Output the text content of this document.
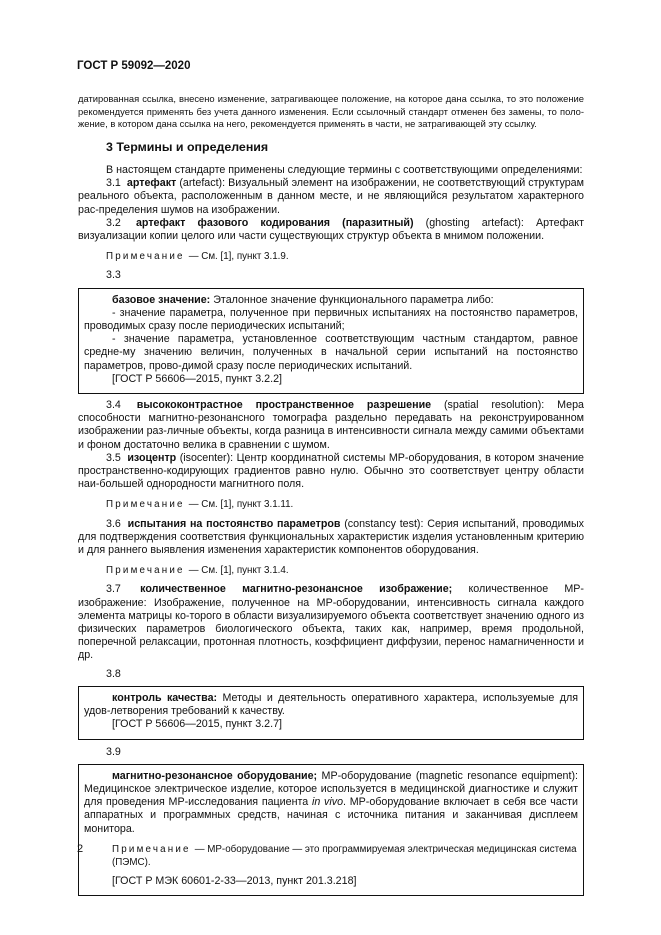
ГОСТ Р 59092—2020

датированная ссылка, внесено изменение, затрагивающее положение, на которое дана ссылка, то это положение рекомендуется применять без учета данного изменения. Если ссылочный стандарт отменен без замены, то поло-жение, в котором дана ссылка на него, рекомендуется применять в части, не затрагивающей эту ссылку.

3 Термины и определения

В настоящем стандарте применены следующие термины с соответствующими определениями:

3.1 артефакт (artefact): Визуальный элемент на изображении, не соответствующий структурам реального объекта, расположенным в данном месте, и не являющийся результатом характерного рас-пределения шумов на изображении.

3.2 артефакт фазового кодирования (паразитный) (ghosting artefact): Артефакт визуализации копии целого или части существующих структур объекта в мнимом положении.

Примечание — См. [1], пункт 3.1.9.
3.3

базовое значение: Эталонное значение функционального параметра либо:

- значение параметра, полученное при первичных испытаниях на постоянство параметров, проводимых сразу после периодических испытаний;

- значение параметра, установленное соответствующим частным стандартом, равное средне-му значению величин, полученных в начальной серии испытаний на постоянство параметров, прово-димой сразу после периодических испытаний.

[ГОСТ Р 56606—2015, пункт 3.2.2]

3.4 высококонтрастное пространственное разрешение (spatial resolution): Мера способности магнитно-резонансного томографа раздельно передавать на реконструированном изображении раз-личные объекты, когда разница в интенсивности сигнала между самими объектами и фоном достаточно велика в сравнении с шумом.

3.5 изоцентр (isocenter): Центр координатной системы МР-оборудования, в котором значение пространственно-кодирующих градиентов равно нулю. Обычно это соответствует центру области наи-большей однородности магнитного поля.

Примечание — См. [1], пункт 3.1.11.

3.6 испытания на постоянство параметров (constancy test): Серия испытаний, проводимых для подтверждения соответствия функциональных характеристик изделия установленным критерию и для раннего выявления изменения характеристик компонентов оборудования.

Примечание — См. [1], пункт 3.1.4.

3.7 количественное магнитно-резонансное изображение; количественное МР-изображение: Изображение, полученное на МР-оборудовании, интенсивность сигнала каждого элемента матрицы ко-торого в области визуализируемого объекта соответствует значению одного из физических параметров биологического объекта, таких как, например, время продольной, поперечной релаксации, протонная плотность, коэффициент диффузии, перенос намагниченности и др.

3.8

контроль качества: Методы и деятельность оперативного характера, используемые для удов-летворения требований к качеству.

[ГОСТ Р 56606—2015, пункт 3.2.7]

3.9

магнитно-резонансное оборудование; МР-оборудование (magnetic resonance equipment): Медицинское электрическое изделие, которое используется в медицинской диагностике и служит для проведения МР-исследования пациента in vivo. МР-оборудование включает в себя все части аппаратных и программных средств, начиная с источника питания и заканчивая дисплеем монитора.

Примечание — МР-оборудование — это программируемая электрическая медицинская система (ПЭМС).

[ГОСТ Р МЭК 60601-2-33—2013, пункт 201.3.218]

2
